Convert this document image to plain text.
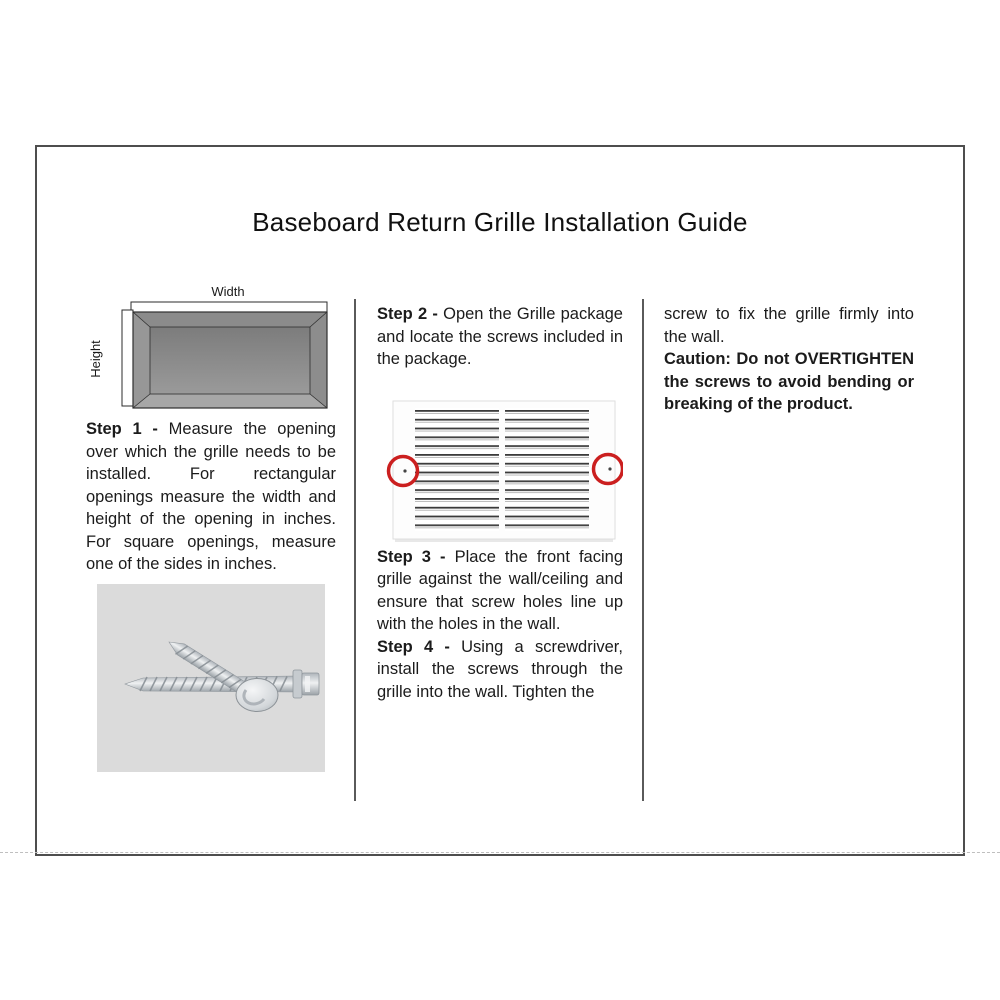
Baseboard Return Grille Installation Guide
Width
Height

Step 1 - Measure the opening over which the grille needs to be installed. For rectangular openings measure the width and height of the opening in inches. For square openings, measure one of the sides in inches.

Step 2 - Open the Grille package and locate the screws included in the package.

Step 3 - Place the front facing grille against the wall/ceiling and ensure that screw holes line up with the holes in the wall.

Step 4 - Using a screwdriver, install the screws through the grille into the wall. Tighten the

screw to fix the grille firmly into the wall.

Caution: Do not OVERTIGHTEN the screws to avoid bending or breaking of the product.
